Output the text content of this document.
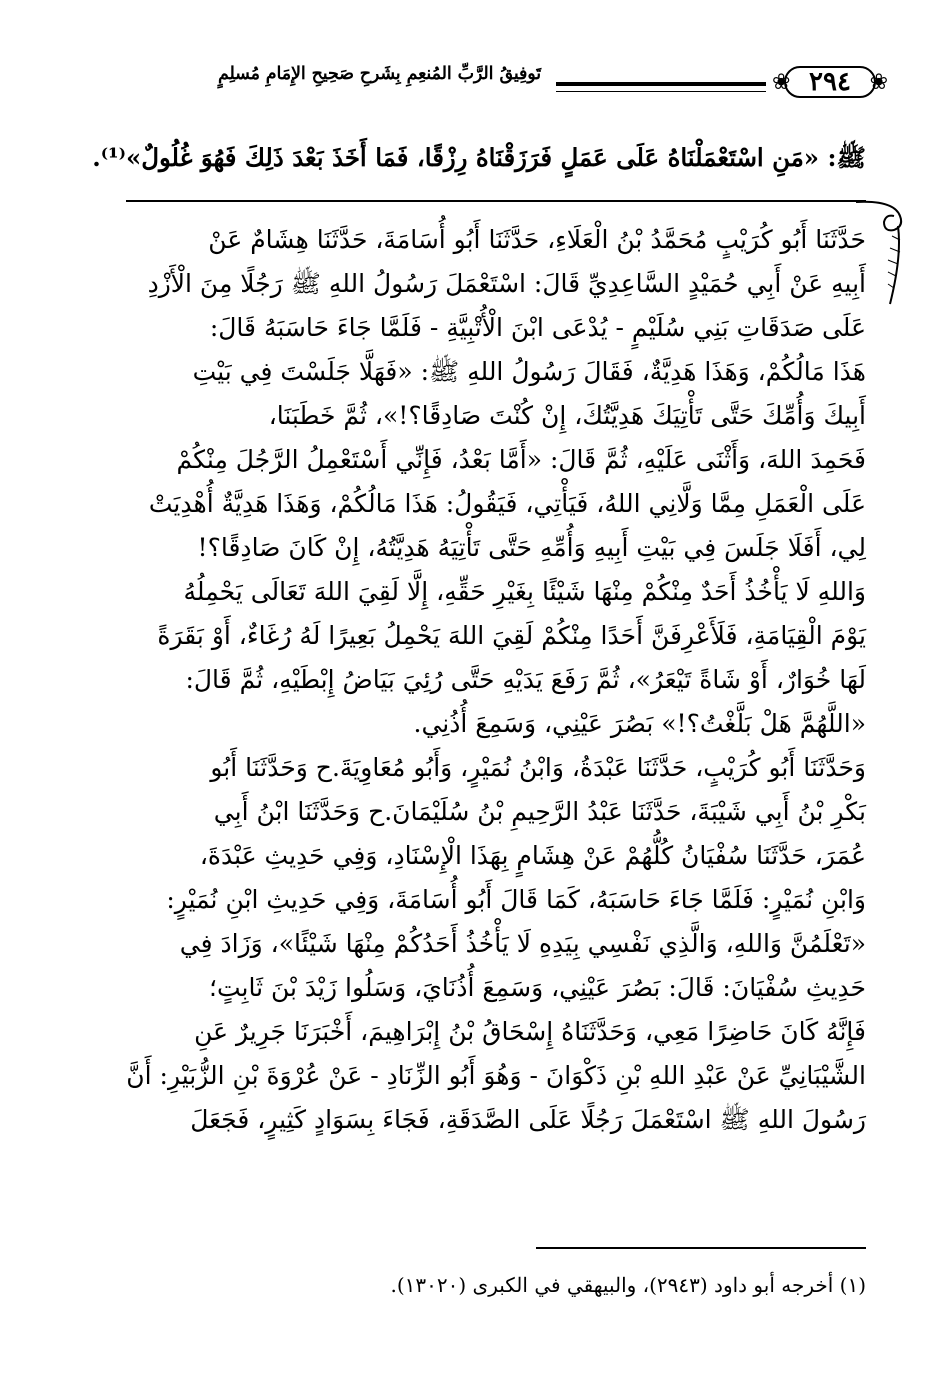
تَوفِيقُ الرَّبِّ المُنعِمِ بِشَرحِ صَحِيحِ الإِمَامِ مُسلِمٍ	❀ ٢٩٤ ❀
ﷺ: «مَنِ اسْتَعْمَلْنَاهُ عَلَى عَمَلٍ فَرَزَقْنَاهُ رِزْقًا، فَمَا أَخَذَ بَعْدَ ذَلِكَ فَهُوَ غُلُولٌ»⁽¹⁾.
حَدَّثَنَا أَبُو كُرَيْبٍ مُحَمَّدُ بْنُ الْعَلَاءِ، حَدَّثَنَا أَبُو أُسَامَةَ، حَدَّثَنَا هِشَامٌ عَنْ
أَبِيهِ عَنْ أَبِي حُمَيْدٍ السَّاعِدِيِّ قَالَ: اسْتَعْمَلَ رَسُولُ اللهِ ﷺ رَجُلًا مِنَ الْأَزْدِ
عَلَى صَدَقَاتِ بَنِي سُلَيْمٍ - يُدْعَى ابْنَ الْأُتْبِيَّةِ - فَلَمَّا جَاءَ حَاسَبَهُ قَالَ:
هَذَا مَالُكُمْ، وَهَذَا هَدِيَّةٌ، فَقَالَ رَسُولُ اللهِ ﷺ: «فَهَلَّا جَلَسْتَ فِي بَيْتِ
أَبِيكَ وَأُمِّكَ حَتَّى تَأْتِيَكَ هَدِيَّتُكَ، إِنْ كُنْتَ صَادِقًا؟!»، ثُمَّ خَطَبَنَا،
فَحَمِدَ اللهَ، وَأَثْنَى عَلَيْهِ، ثُمَّ قَالَ: «أَمَّا بَعْدُ، فَإِنِّي أَسْتَعْمِلُ الرَّجُلَ مِنْكُمْ
عَلَى الْعَمَلِ مِمَّا وَلَّانِي اللهُ، فَيَأْتِي، فَيَقُولُ: هَذَا مَالُكُمْ، وَهَذَا هَدِيَّةٌ أُهْدِيَتْ
لِي، أَفَلَا جَلَسَ فِي بَيْتِ أَبِيهِ وَأُمِّهِ حَتَّى تَأْتِيَهُ هَدِيَّتُهُ، إِنْ كَانَ صَادِقًا؟!
وَاللهِ لَا يَأْخُذُ أَحَدٌ مِنْكُمْ مِنْهَا شَيْئًا بِغَيْرِ حَقِّهِ، إِلَّا لَقِيَ اللهَ تَعَالَى يَحْمِلُهُ
يَوْمَ الْقِيَامَةِ، فَلَأَعْرِفَنَّ أَحَدًا مِنْكُمْ لَقِيَ اللهَ يَحْمِلُ بَعِيرًا لَهُ رُغَاءٌ، أَوْ بَقَرَةً
لَهَا خُوَارٌ، أَوْ شَاةً تَيْعَرُ»، ثُمَّ رَفَعَ يَدَيْهِ حَتَّى رُئِيَ بَيَاضُ إِبْطَيْهِ، ثُمَّ قَالَ:
«اللَّهُمَّ هَلْ بَلَّغْتُ؟!» بَصُرَ عَيْنِي، وَسَمِعَ أُذُنِي.
وَحَدَّثَنَا أَبُو كُرَيْبٍ، حَدَّثَنَا عَبْدَةُ، وَابْنُ نُمَيْرٍ، وَأَبُو مُعَاوِيَةَ.ح وَحَدَّثَنَا أَبُو
بَكْرِ بْنُ أَبِي شَيْبَةَ، حَدَّثَنَا عَبْدُ الرَّحِيمِ بْنُ سُلَيْمَانَ.ح وَحَدَّثَنَا ابْنُ أَبِي
عُمَرَ، حَدَّثَنَا سُفْيَانُ كُلُّهُمْ عَنْ هِشَامٍ بِهَذَا الْإِسْنَادِ، وَفِي حَدِيثِ عَبْدَةَ،
وَابْنِ نُمَيْرٍ: فَلَمَّا جَاءَ حَاسَبَهُ، كَمَا قَالَ أَبُو أُسَامَةَ، وَفِي حَدِيثِ ابْنِ نُمَيْرٍ:
«تَعْلَمُنَّ وَاللهِ، وَالَّذِي نَفْسِي بِيَدِهِ لَا يَأْخُذُ أَحَدُكُمْ مِنْهَا شَيْئًا»، وَزَادَ فِي
حَدِيثِ سُفْيَانَ: قَالَ: بَصُرَ عَيْنِي، وَسَمِعَ أُذُنَايَ، وَسَلُوا زَيْدَ بْنَ ثَابِتٍ؛
فَإِنَّهُ كَانَ حَاضِرًا مَعِي، وَحَدَّثَنَاهُ إِسْحَاقُ بْنُ إِبْرَاهِيمَ، أَخْبَرَنَا جَرِيرٌ عَنِ
الشَّيْبَانِيِّ عَنْ عَبْدِ اللهِ بْنِ ذَكْوَانَ - وَهُوَ أَبُو الزِّنَادِ - عَنْ عُرْوَةَ بْنِ الزُّبَيْرِ: أَنَّ
رَسُولَ اللهِ ﷺ اسْتَعْمَلَ رَجُلًا عَلَى الصَّدَقَةِ، فَجَاءَ بِسَوَادٍ كَثِيرٍ، فَجَعَلَ
(١) أخرجه أبو داود (٢٩٤٣)، والبيهقي في الكبرى (١٣٠٢٠).
